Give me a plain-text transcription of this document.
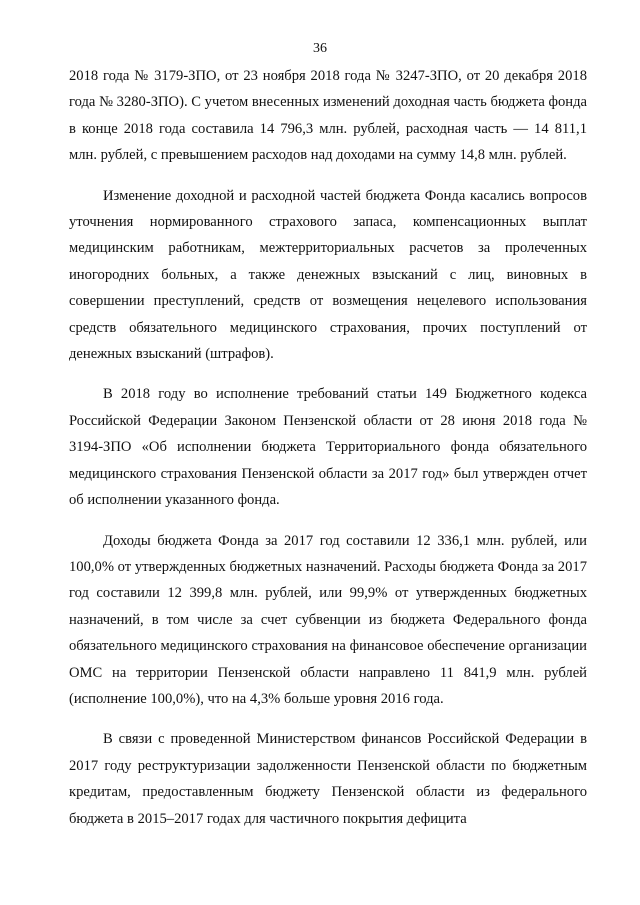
36

2018 года № 3179-ЗПО, от 23 ноября 2018 года № 3247-ЗПО, от 20 декабря 2018 года № 3280-ЗПО). С учетом внесенных изменений доходная часть бюджета фонда в конце 2018 года составила 14 796,3 млн. рублей, расходная часть — 14 811,1 млн. рублей, с превышением расходов над доходами на сумму 14,8 млн. рублей.

Изменение доходной и расходной частей бюджета Фонда касались вопросов уточнения нормированного страхового запаса, компенсационных выплат медицинским работникам, межтерриториальных расчетов за пролеченных иногородних больных, а также денежных взысканий с лиц, виновных в совершении преступлений, средств от возмещения нецелевого использования средств обязательного медицинского страхования, прочих поступлений от денежных взысканий (штрафов).

В 2018 году во исполнение требований статьи 149 Бюджетного кодекса Российской Федерации Законом Пензенской области от 28 июня 2018 года № 3194-ЗПО «Об исполнении бюджета Территориального фонда обязательного медицинского страхования Пензенской области за 2017 год» был утвержден отчет об исполнении указанного фонда.

Доходы бюджета Фонда за 2017 год составили 12 336,1 млн. рублей, или 100,0% от утвержденных бюджетных назначений. Расходы бюджета Фонда за 2017 год составили 12 399,8 млн. рублей, или 99,9% от утвержденных бюджетных назначений, в том числе за счет субвенции из бюджета Федерального фонда обязательного медицинского страхования на финансовое обеспечение организации ОМС на территории Пензенской области направлено 11 841,9 млн. рублей (исполнение 100,0%), что на 4,3% больше уровня 2016 года.

В связи с проведенной Министерством финансов Российской Федерации в 2017 году реструктуризации задолженности Пензенской области по бюджетным кредитам, предоставленным бюджету Пензенской области из федерального бюджета в 2015–2017 годах для частичного покрытия дефицита
